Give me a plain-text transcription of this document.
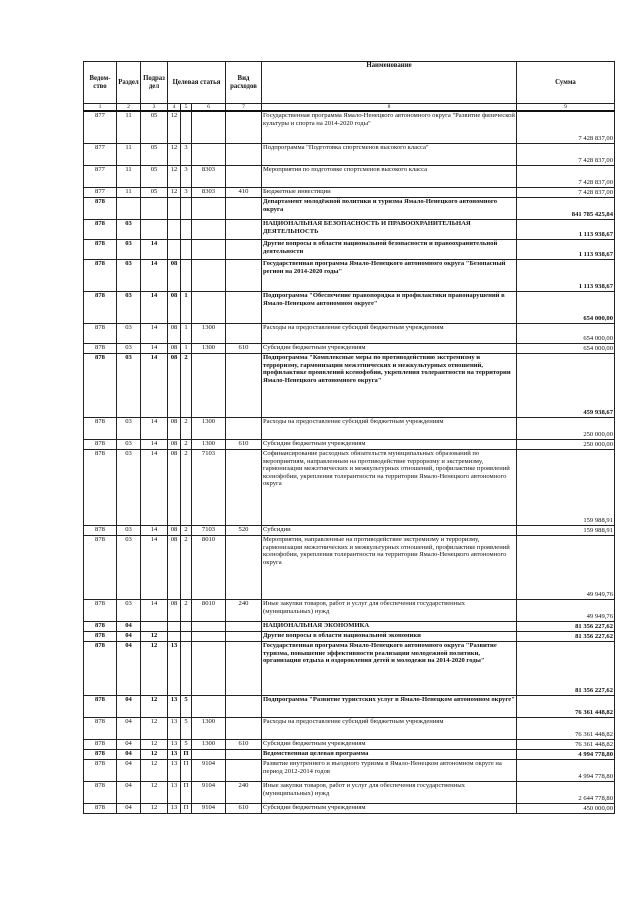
Ведом-ство	Раздел	Подраз дел	Целевая статья			Вид расходов	Наименование	Сумма
1	2	3	4	5	6	7	8	9
877	11	05	12				Государственная программа Ямало-Ненецкого автономного округа "Развитие физической культуры и спорта на 2014-2020 годы"	7 428 837,00
877	11	05	12	3			Подпрограмма "Подготовка спортсменов высокого класса"	7 428 837,00
877	11	05	12	3	8303		Мероприятия по подготовке спортсменов высокого класса	7 428 837,00
877	11	05	12	3	8303	410	Бюджетные инвестиции	7 428 837,00
878							Департамент молодёжной политики и туризма Ямало-Ненецкого автономного округа	841 785 425,84
878	03						НАЦИОНАЛЬНАЯ БЕЗОПАСНОСТЬ И ПРАВООХРАНИТЕЛЬНАЯ ДЕЯТЕЛЬНОСТЬ	1 113 938,67
878	03	14					Другие вопросы в области национальной безопасности и правоохранительной деятельности	1 113 938,67
878	03	14	08				Государственная программа Ямало-Ненецкого автономного округа "Безопасный регион на 2014-2020 годы"	1 113 938,67
878	03	14	08	1			Подпрограмма "Обеспечение правопорядка и профилактики правонарушений в Ямало-Ненецком автономном округе"	654 000,00
878	03	14	08	1	1300		Расходы на предоставление субсидий бюджетным учреждениям	654 000,00
878	03	14	08	1	1300	610	Субсидии бюджетным учреждениям	654 000,00
878	03	14	08	2			Подпрограмма "Комплексные меры по противодействию экстремизму и терроризму, гармонизации межэтнических и межкультурных отношений, профилактике проявлений ксенофобии, укрепления толерантности на территории Ямало-Ненецкого автономного округа"	459 938,67
878	03	14	08	2	1300		Расходы на предоставление субсидий бюджетным учреждениям	250 000,00
878	03	14	08	2	1300	610	Субсидии бюджетным учреждениям	250 000,00
878	03	14	08	2	7103		Софинансирование расходных обязательств муниципальных образований по мероприятиям, направленным на противодействие терроризму и экстремизму, гармонизации межэтнических и межкультурных отношений, профилактике проявлений ксенофобии, укрепления толерантности на территории Ямало-Ненецкого автономного округа	159 988,91
878	03	14	08	2	7103	520	Субсидии	159 988,91
878	03	14	08	2	8010		Мероприятия, направленные на противодействие экстремизму и терроризму, гармонизации межэтнических и межкультурных отношений, профилактике проявлений ксенофобии, укрепления толерантности на территории Ямало-Ненецкого автономного округа	49 949,76
878	03	14	08	2	8010	240	Иные закупки товаров, работ и услуг для обеспечения государственных (муниципальных) нужд	49 949,76
878	04						НАЦИОНАЛЬНАЯ ЭКОНОМИКА	81 356 227,62
878	04	12					Другие вопросы в области национальной экономики	81 356 227,62
878	04	12	13				Государственная программа Ямало-Ненецкого автономного округа "Развитие туризма, повышение эффективности реализации молодежной политики, организация отдыха и оздоровления детей и молодежи на 2014-2020 годы"	81 356 227,62
878	04	12	13	5			Подпрограмма "Развитие туристских услуг в Ямало-Ненецком автономном округе"	76 361 448,82
878	04	12	13	5	1300		Расходы на предоставление субсидий бюджетным учреждениям	76 361 448,82
878	04	12	13	5	1300	610	Субсидии бюджетным учреждениям	76 361 448,82
878	04	12	13	П			Ведомственная целевая программа	4 994 778,80
878	04	12	13	П	9104		Развитие внутреннего и въездного туризма в Ямало-Ненецком автономном округе на период 2012-2014 годов	4 994 778,80
878	04	12	13	П	9104	240	Иные закупки товаров, работ и услуг для обеспечения государственных (муниципальных) нужд	2 644 778,80
878	04	12	13	П	9104	610	Субсидии бюджетным учреждениям	450 000,00
